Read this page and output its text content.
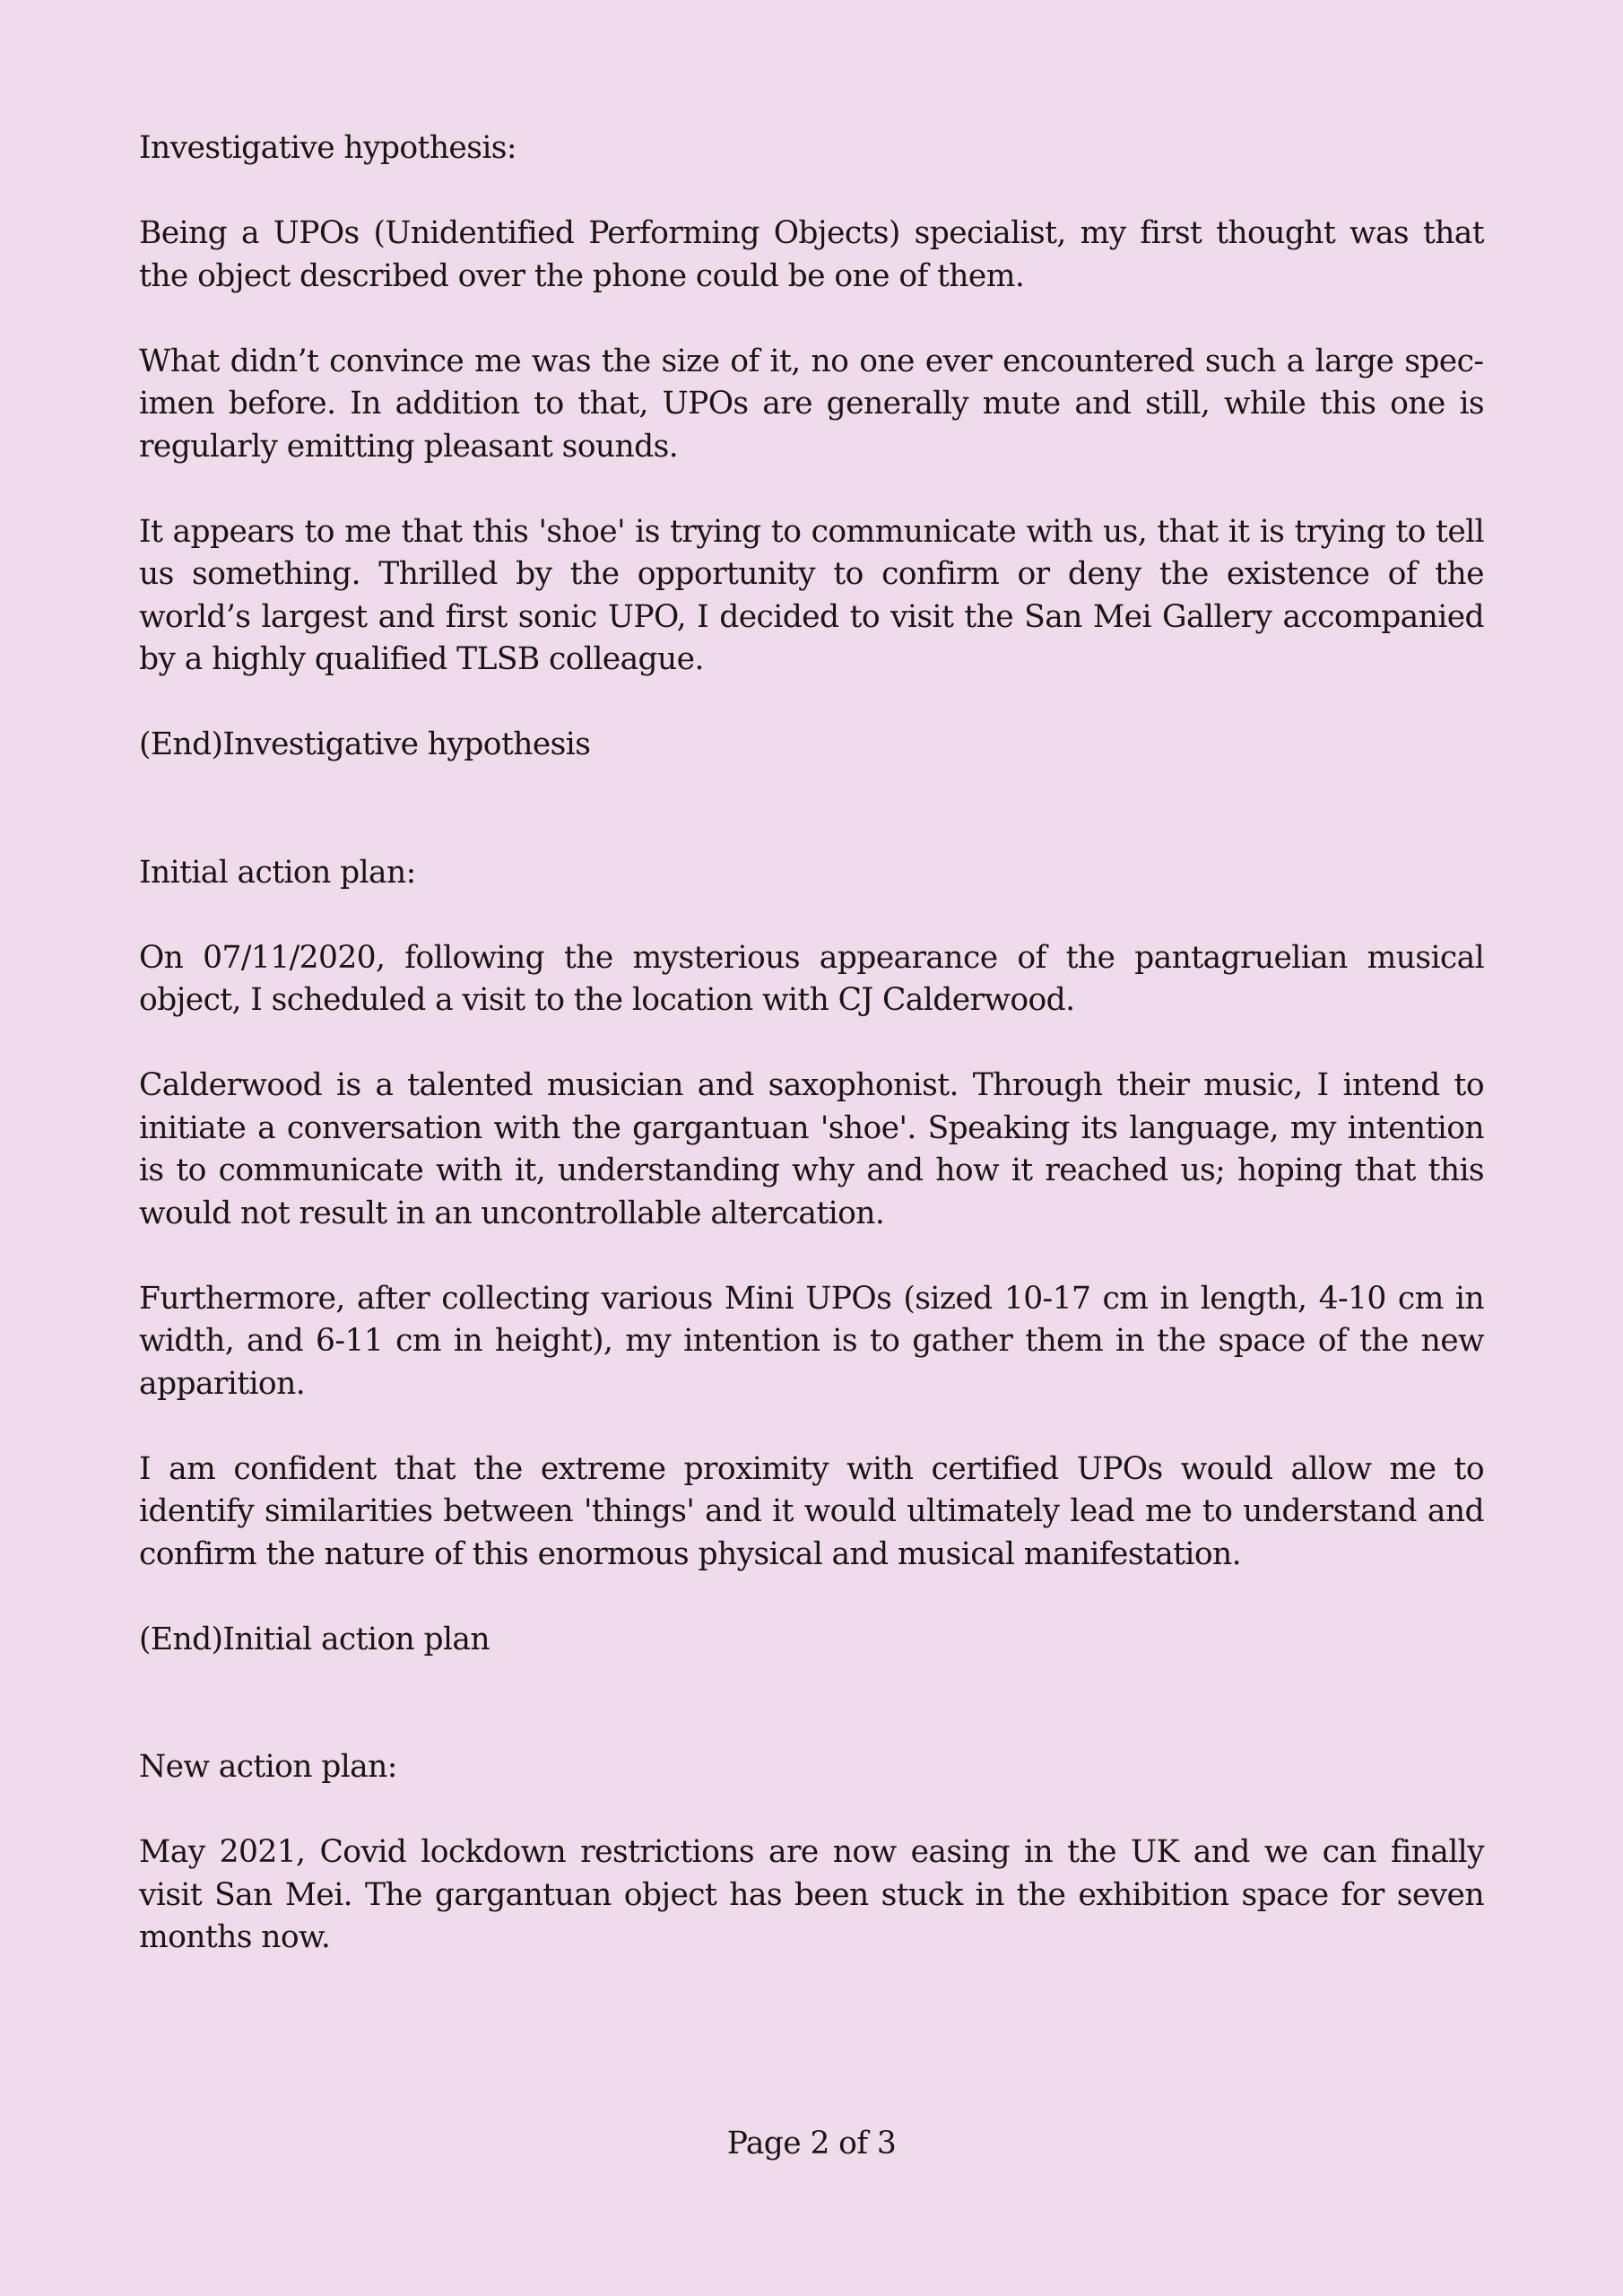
Investigative hypothesis:

Being a UPOs (Unidentified Performing Objects) specialist, my first thought was that the object described over the phone could be one of them.

What didn’t convince me was the size of it, no one ever encountered such a large specimen before. In addition to that, UPOs are generally mute and still, while this one is regularly emitting pleasant sounds.

It appears to me that this 'shoe' is trying to communicate with us, that it is trying to tell us something. Thrilled by the opportunity to confirm or deny the existence of the world’s largest and first sonic UPO, I decided to visit the San Mei Gallery accompanied by a highly qualified TLSB colleague.

(End)Investigative hypothesis

Initial action plan:

On 07/11/2020, following the mysterious appearance of the pantagruelian musical object, I scheduled a visit to the location with CJ Calderwood.

Calderwood is a talented musician and saxophonist. Through their music, I intend to initiate a conversation with the gargantuan 'shoe'. Speaking its language, my intention is to communicate with it, understanding why and how it reached us; hoping that this would not result in an uncontrollable altercation.

Furthermore, after collecting various Mini UPOs (sized 10-17 cm in length, 4-10 cm in width, and 6-11 cm in height), my intention is to gather them in the space of the new apparition.

I am confident that the extreme proximity with certified UPOs would allow me to identify similarities between 'things' and it would ultimately lead me to understand and confirm the nature of this enormous physical and musical manifestation.

(End)Initial action plan

New action plan:

May 2021, Covid lockdown restrictions are now easing in the UK and we can finally visit San Mei. The gargantuan object has been stuck in the exhibition space for seven months now.

Page 2 of 3
